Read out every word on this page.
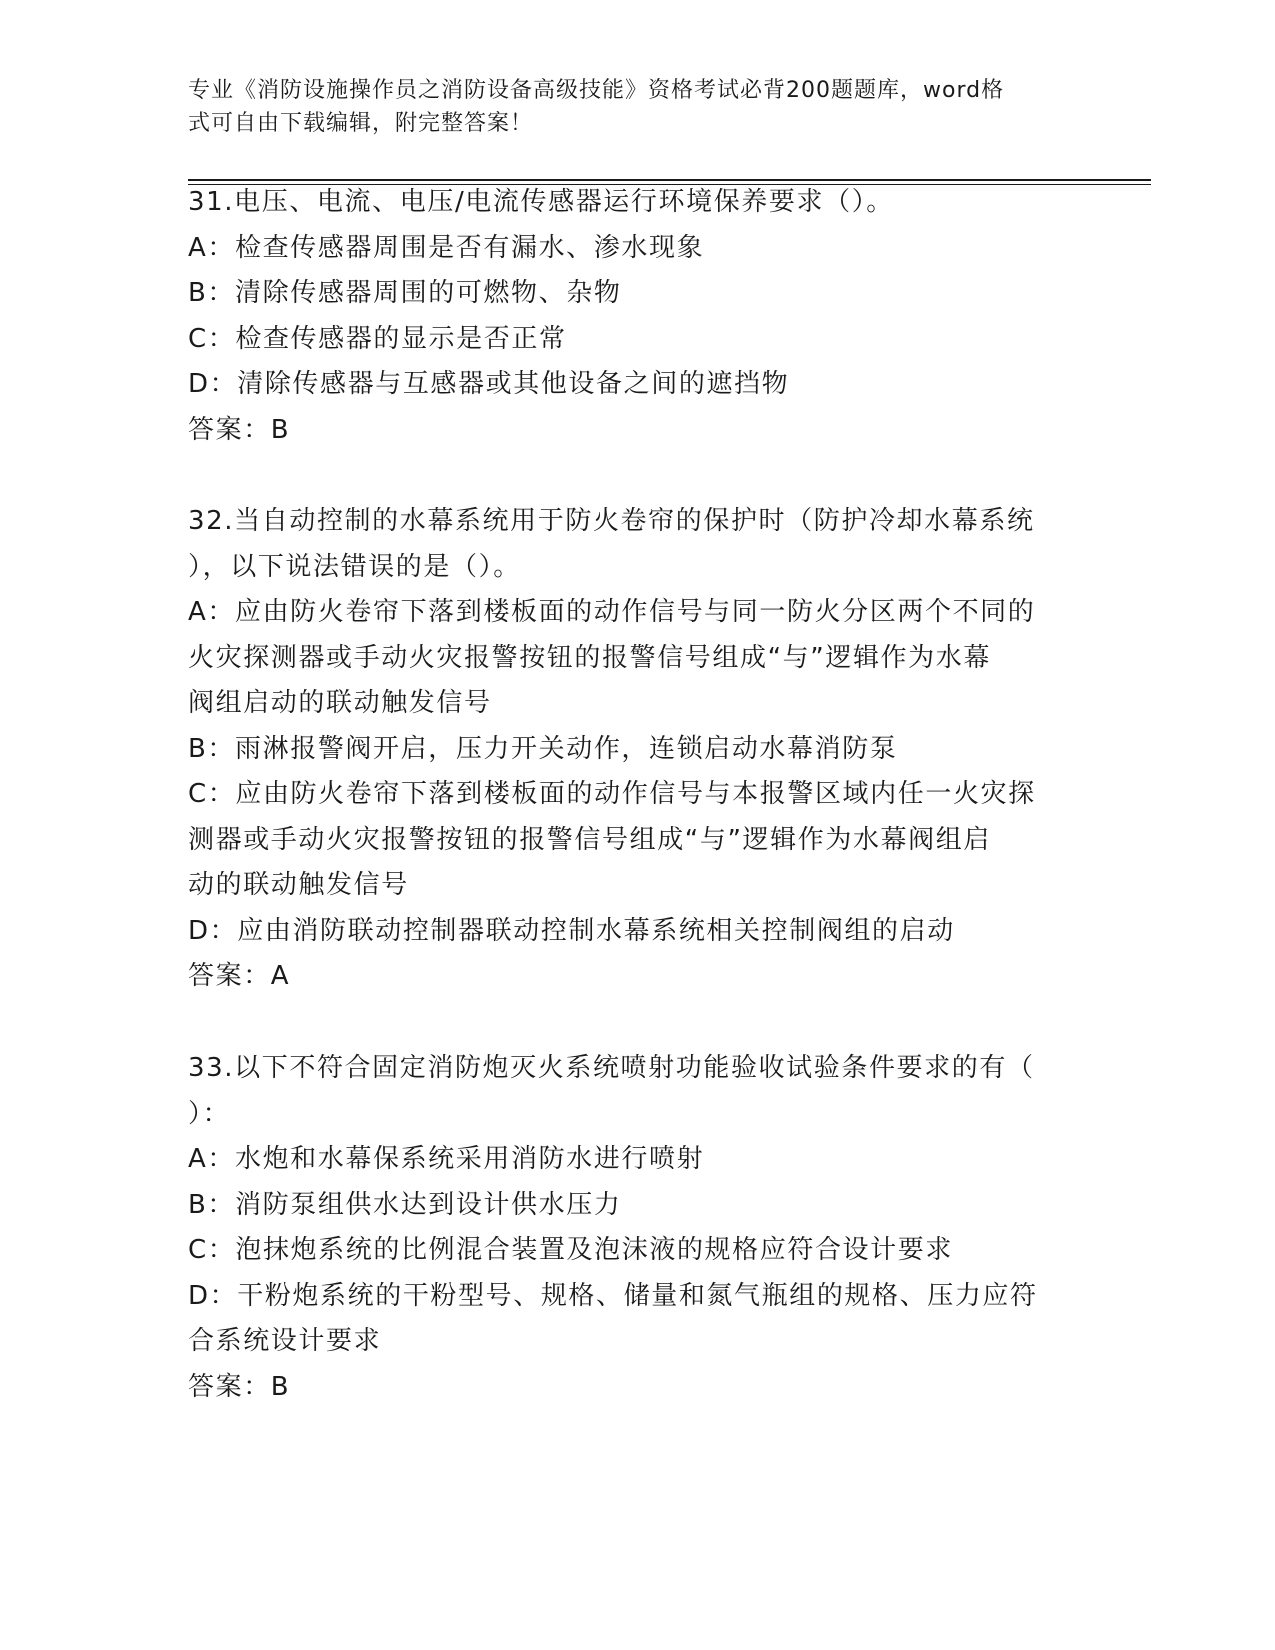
专业《消防设施操作员之消防设备高级技能》资格考试必背200题题库，word格
式可自由下载编辑，附完整答案！
31.电压、电流、电压/电流传感器运行环境保养要求（）。
A：检查传感器周围是否有漏水、渗水现象
B：清除传感器周围的可燃物、杂物
C：检查传感器的显示是否正常
D：清除传感器与互感器或其他设备之间的遮挡物
答案：B
32.当自动控制的水幕系统用于防火卷帘的保护时（防护冷却水幕系统
），以下说法错误的是（）。
A：应由防火卷帘下落到楼板面的动作信号与同一防火分区两个不同的
火灾探测器或手动火灾报警按钮的报警信号组成“与”逻辑作为水幕
阀组启动的联动触发信号
B：雨淋报警阀开启，压力开关动作，连锁启动水幕消防泵
C：应由防火卷帘下落到楼板面的动作信号与本报警区域内任一火灾探
测器或手动火灾报警按钮的报警信号组成“与”逻辑作为水幕阀组启
动的联动触发信号
D：应由消防联动控制器联动控制水幕系统相关控制阀组的启动
答案：A
33.以下不符合固定消防炮灭火系统喷射功能验收试验条件要求的有（
）：
A：水炮和水幕保系统采用消防水进行喷射
B：消防泵组供水达到设计供水压力
C：泡抹炮系统的比例混合装置及泡沫液的规格应符合设计要求
D：干粉炮系统的干粉型号、规格、储量和氮气瓶组的规格、压力应符
合系统设计要求
答案：B
